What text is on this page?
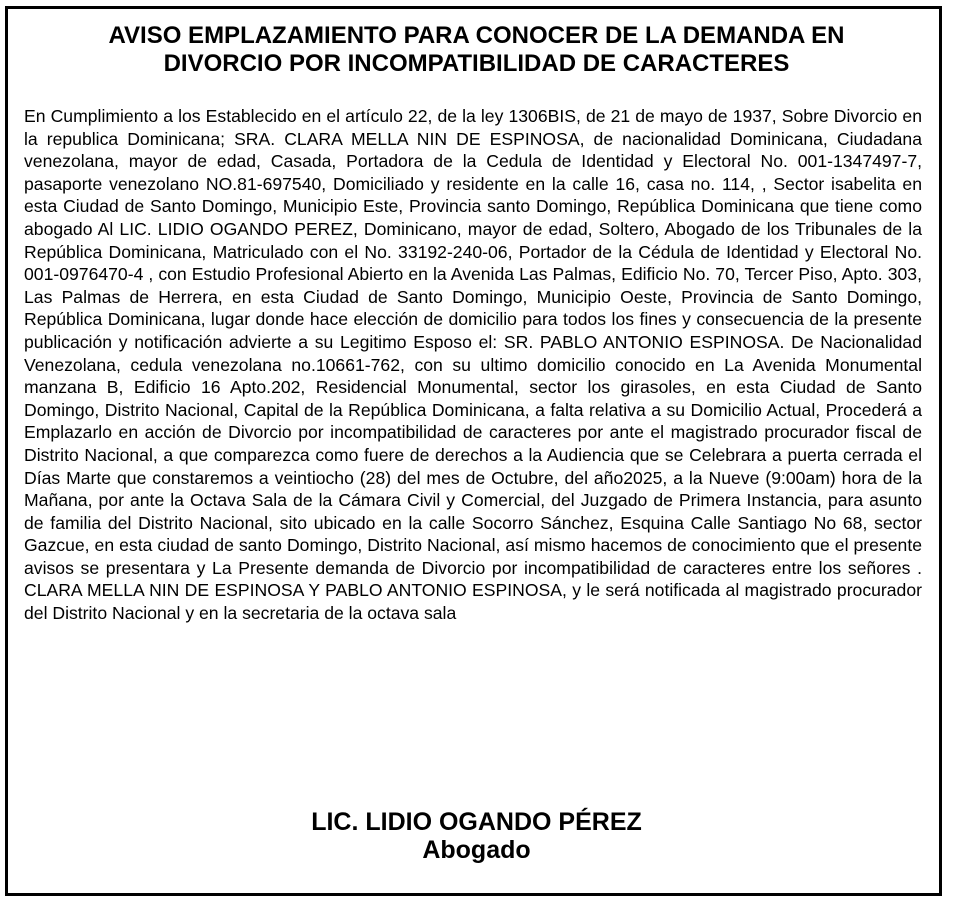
AVISO EMPLAZAMIENTO PARA CONOCER DE LA DEMANDA EN
DIVORCIO POR INCOMPATIBILIDAD DE CARACTERES

En Cumplimiento a los Establecido en el artículo 22, de la ley 1306BIS, de 21 de mayo de 1937, Sobre Divorcio en la republica Dominicana; SRA. CLARA MELLA NIN DE ESPINOSA, de nacionalidad Dominicana, Ciudadana venezolana, mayor de edad, Casada, Portadora de la Cedula de Identidad y Electoral No. 001-1347497-7, pasaporte venezolano NO.81-697540, Domiciliado y residente en la calle 16, casa no. 114, , Sector isabelita en esta Ciudad de Santo Domingo, Municipio Este, Provincia santo Domingo, República Dominicana que tiene como abogado Al LIC. LIDIO OGANDO PEREZ, Dominicano, mayor de edad, Soltero, Abogado de los Tribunales de la República Dominicana, Matriculado con el No. 33192-240-06, Portador de la Cédula de Identidad y Electoral No. 001-0976470-4 , con Estudio Profesional Abierto en la Avenida Las Palmas, Edificio No. 70, Tercer Piso, Apto. 303, Las Palmas de Herrera, en esta Ciudad de Santo Domingo, Municipio Oeste, Provincia de Santo Domingo, República Dominicana, lugar donde hace elección de domicilio para todos los fines y consecuencia de la presente publicación y notificación advierte a su Legitimo Esposo el: SR. PABLO ANTONIO ESPINOSA. De Nacionalidad Venezolana, cedula venezolana no.10661-762, con su ultimo domicilio conocido en La Avenida Monumental manzana B, Edificio 16 Apto.202, Residencial Monumental, sector los girasoles, en esta Ciudad de Santo Domingo, Distrito Nacional, Capital de la República Dominicana, a falta relativa a su Domicilio Actual, Procederá a Emplazarlo en acción de Divorcio por incompatibilidad de caracteres por ante el magistrado procurador fiscal de Distrito Nacional, a que comparezca como fuere de derechos a la Audiencia que se Celebrara a puerta cerrada el Días Marte que constaremos a veintiocho (28) del mes de Octubre, del año2025, a la Nueve (9:00am) hora de la Mañana, por ante la Octava Sala de la Cámara Civil y Comercial, del Juzgado de Primera Instancia, para asunto de familia del Distrito Nacional, sito ubicado en la calle Socorro Sánchez, Esquina Calle Santiago No 68, sector Gazcue, en esta ciudad de santo Domingo, Distrito Nacional, así mismo hacemos de conocimiento que el presente avisos se presentara y La Presente demanda de Divorcio por incompatibilidad de caracteres entre los señores . CLARA MELLA NIN DE ESPINOSA Y PABLO ANTONIO ESPINOSA, y le será notificada al magistrado procurador del Distrito Nacional y en la secretaria de la octava sala

LIC. LIDIO OGANDO PÉREZ
Abogado
